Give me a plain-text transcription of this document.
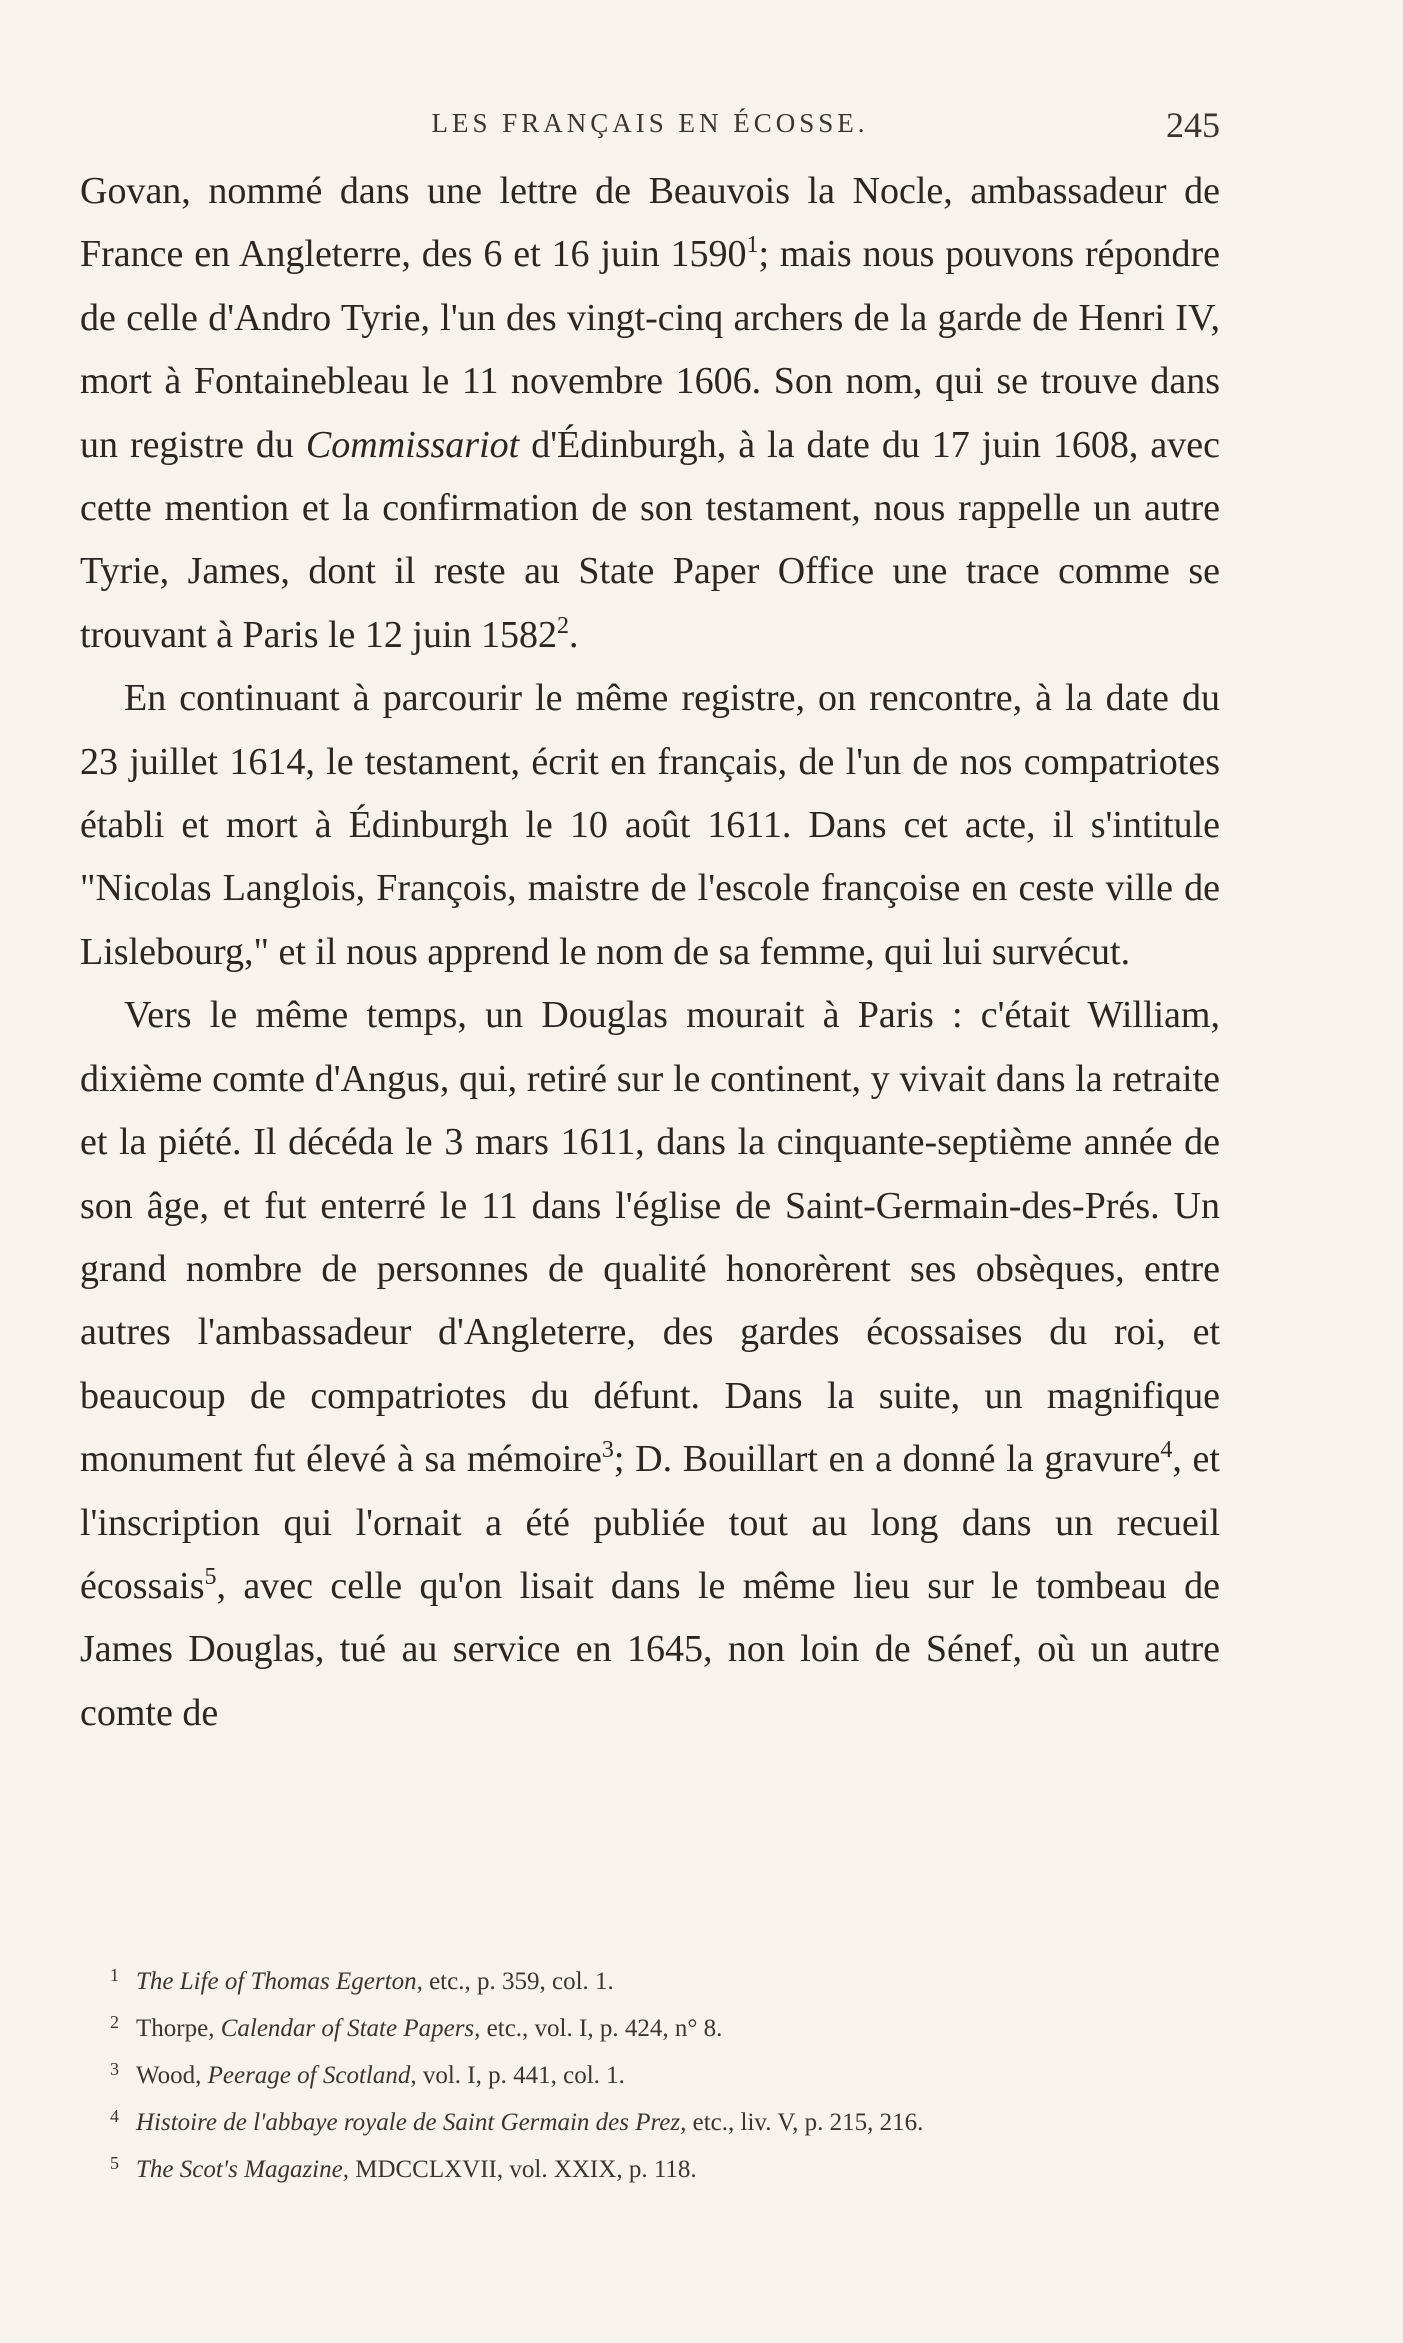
LES FRANÇAIS EN ÉCOSSE.	245

Govan, nommé dans une lettre de Beauvois la Nocle, ambassadeur de France en Angleterre, des 6 et 16 juin 1590$^1$; mais nous pouvons répondre de celle d'Andro Tyrie, l'un des vingt-cinq archers de la garde de Henri IV, mort à Fontainebleau le 11 novembre 1606. Son nom, qui se trouve dans un registre du Commissariot d'Édinburgh, à la date du 17 juin 1608, avec cette mention et la confirmation de son testament, nous rappelle un autre Tyrie, James, dont il reste au State Paper Office une trace comme se trouvant à Paris le 12 juin 1582$^2$.

En continuant à parcourir le même registre, on rencontre, à la date du 23 juillet 1614, le testament, écrit en français, de l'un de nos compatriotes établi et mort à Édinburgh le 10 août 1611. Dans cet acte, il s'intitule "Nicolas Langlois, François, maistre de l'escole françoise en ceste ville de Lislebourg," et il nous apprend le nom de sa femme, qui lui survécut.

Vers le même temps, un Douglas mourait à Paris : c'était William, dixième comte d'Angus, qui, retiré sur le continent, y vivait dans la retraite et la piété. Il décéda le 3 mars 1611, dans la cinquante-septième année de son âge, et fut enterré le 11 dans l'église de Saint-Germain-des-Prés. Un grand nombre de personnes de qualité honorèrent ses obsèques, entre autres l'ambassadeur d'Angleterre, des gardes écossaises du roi, et beaucoup de compatriotes du défunt. Dans la suite, un magnifique monument fut élevé à sa mémoire$^3$; D. Bouillart en a donné la gravure$^4$, et l'inscription qui l'ornait a été publiée tout au long dans un recueil écossais$^5$, avec celle qu'on lisait dans le même lieu sur le tombeau de James Douglas, tué au service en 1645, non loin de Sénef, où un autre comte de

1 The Life of Thomas Egerton, etc., p. 359, col. 1.
2 Thorpe, Calendar of State Papers, etc., vol. I, p. 424, n° 8.
3 Wood, Peerage of Scotland, vol. I, p. 441, col. 1.
4 Histoire de l'abbaye royale de Saint Germain des Prez, etc., liv. V, p. 215, 216.
5 The Scot's Magazine, MDCCLXVII, vol. XXIX, p. 118.
